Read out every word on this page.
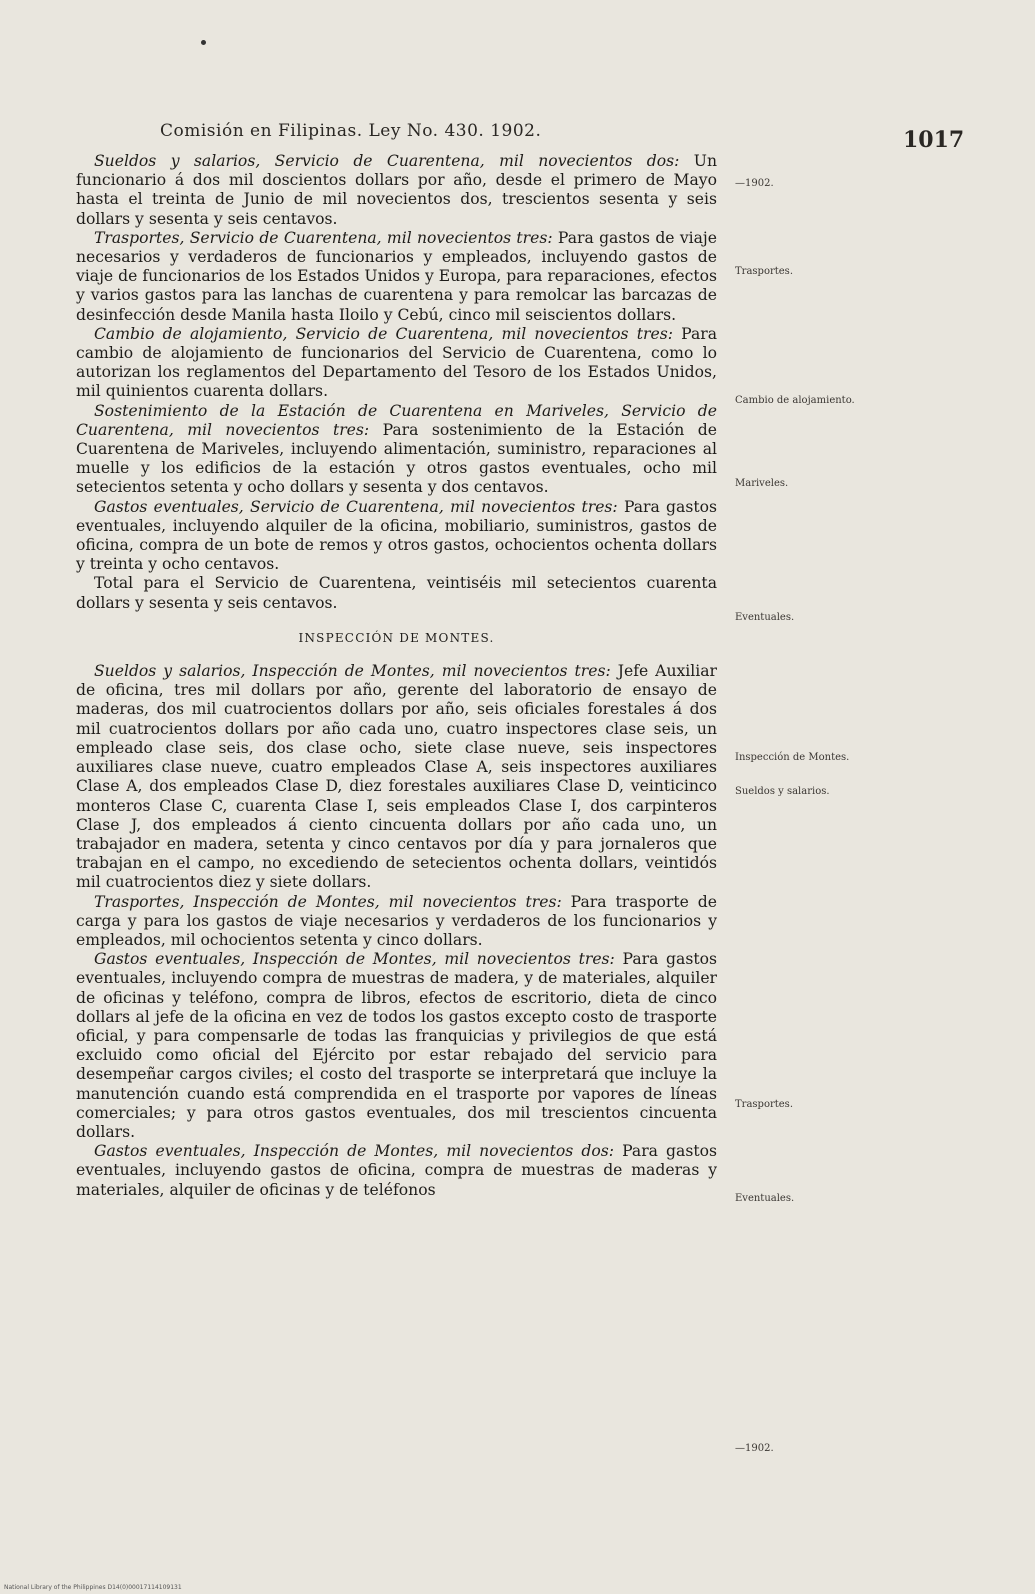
Comisión en Filipinas. Ley No. 430. 1902.	1017

Sueldos y salarios, Servicio de Cuarentena, mil novecientos dos: Un funcionario á dos mil doscientos dollars por año, desde el primero de Mayo hasta el treinta de Junio de mil novecientos dos, trescientos sesenta y seis dollars y sesenta y seis centavos.

Trasportes, Servicio de Cuarentena, mil novecientos tres: Para gastos de viaje necesarios y verdaderos de funcionarios y empleados, incluyendo gastos de viaje de funcionarios de los Estados Unidos y Europa, para reparaciones, efectos y varios gastos para las lanchas de cuarentena y para remolcar las barcazas de desinfección desde Manila hasta Iloilo y Cebú, cinco mil seiscientos dollars.

Cambio de alojamiento, Servicio de Cuarentena, mil novecientos tres: Para cambio de alojamiento de funcionarios del Servicio de Cuarentena, como lo autorizan los reglamentos del Departamento del Tesoro de los Estados Unidos, mil quinientos cuarenta dollars.

Sostenimiento de la Estación de Cuarentena en Mariveles, Servicio de Cuarentena, mil novecientos tres: Para sostenimiento de la Estación de Cuarentena de Mariveles, incluyendo alimentación, suministro, reparaciones al muelle y los edificios de la estación y otros gastos eventuales, ocho mil setecientos setenta y ocho dollars y sesenta y dos centavos.

Gastos eventuales, Servicio de Cuarentena, mil novecientos tres: Para gastos eventuales, incluyendo alquiler de la oficina, mobiliario, suministros, gastos de oficina, compra de un bote de remos y otros gastos, ochocientos ochenta dollars y treinta y ocho centavos.

Total para el Servicio de Cuarentena, veintiséis mil setecientos cuarenta dollars y sesenta y seis centavos.

INSPECCIÓN DE MONTES.

Sueldos y salarios, Inspección de Montes, mil novecientos tres: Jefe Auxiliar de oficina, tres mil dollars por año, gerente del laboratorio de ensayo de maderas, dos mil cuatrocientos dollars por año, seis oficiales forestales á dos mil cuatrocientos dollars por año cada uno, cuatro inspectores clase seis, un empleado clase seis, dos clase ocho, siete clase nueve, seis inspectores auxiliares clase nueve, cuatro empleados Clase A, seis inspectores auxiliares Clase A, dos empleados Clase D, diez forestales auxiliares Clase D, veinticinco monteros Clase C, cuarenta Clase I, seis empleados Clase I, dos carpinteros Clase J, dos empleados á ciento cincuenta dollars por año cada uno, un trabajador en madera, setenta y cinco centavos por día y para jornaleros que trabajan en el campo, no excediendo de setecientos ochenta dollars, veintidós mil cuatrocientos diez y siete dollars.

Trasportes, Inspección de Montes, mil novecientos tres: Para trasporte de carga y para los gastos de viaje necesarios y verdaderos de los funcionarios y empleados, mil ochocientos setenta y cinco dollars.

Gastos eventuales, Inspección de Montes, mil novecientos tres: Para gastos eventuales, incluyendo compra de muestras de madera, y de materiales, alquiler de oficinas y teléfono, compra de libros, efectos de escritorio, dieta de cinco dollars al jefe de la oficina en vez de todos los gastos excepto costo de trasporte oficial, y para compensarle de todas las franquicias y privilegios de que está excluido como oficial del Ejército por estar rebajado del servicio para desempeñar cargos civiles; el costo del trasporte se interpretará que incluye la manutención cuando está comprendida en el trasporte por vapores de líneas comerciales; y para otros gastos eventuales, dos mil trescientos cincuenta dollars.

Gastos eventuales, Inspección de Montes, mil novecientos dos: Para gastos eventuales, incluyendo gastos de oficina, compra de muestras de maderas y materiales, alquiler de oficinas y de teléfonos

—1902.
Trasportes.
Cambio de alojamiento.
Mariveles.
Eventuales.
Inspección de Montes.
Sueldos y salarios.
Trasportes.
Eventuales.
—1902.
National Library of the Philippines D14(0)00017114109131
